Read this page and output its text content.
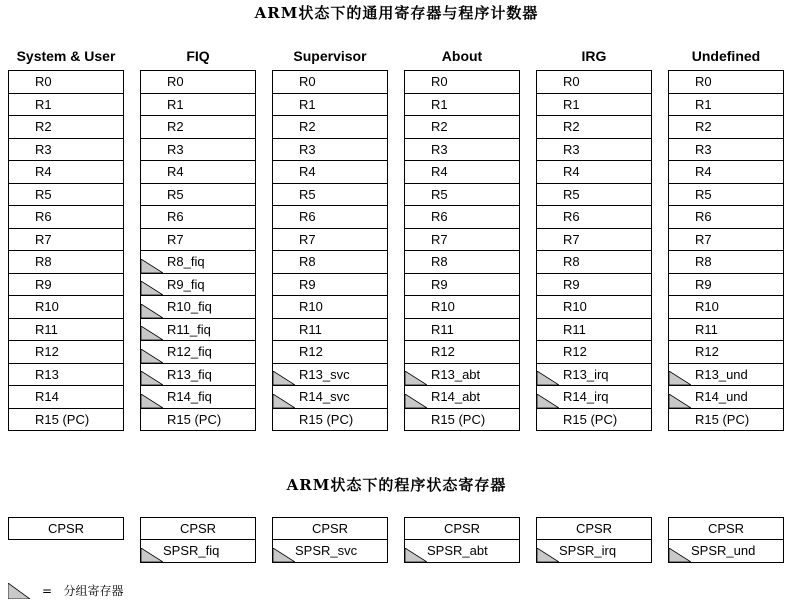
ARM状态下的通用寄存器与程序计数器
System & User
R0
R1
R2
R3
R4
R5
R6
R7
R8
R9
R10
R11
R12
R13
R14
R15 (PC)
FIQ
R0
R1
R2
R3
R4
R5
R6
R7
R8_fiq
R9_fiq
R10_fiq
R11_fiq
R12_fiq
R13_fiq
R14_fiq
R15 (PC)
Supervisor
R0
R1
R2
R3
R4
R5
R6
R7
R8
R9
R10
R11
R12
R13_svc
R14_svc
R15 (PC)
About
R0
R1
R2
R3
R4
R5
R6
R7
R8
R9
R10
R11
R12
R13_abt
R14_abt
R15 (PC)
IRG
R0
R1
R2
R3
R4
R5
R6
R7
R8
R9
R10
R11
R12
R13_irq
R14_irq
R15 (PC)
Undefined
R0
R1
R2
R3
R4
R5
R6
R7
R8
R9
R10
R11
R12
R13_und
R14_und
R15 (PC)
ARM状态下的程序状态寄存器
CPSR	CPSR
SPSR_fiq
CPSR
SPSR_svc
CPSR
SPSR_abt
CPSR
SPSR_irq
CPSR
SPSR_und
= 分组寄存器
